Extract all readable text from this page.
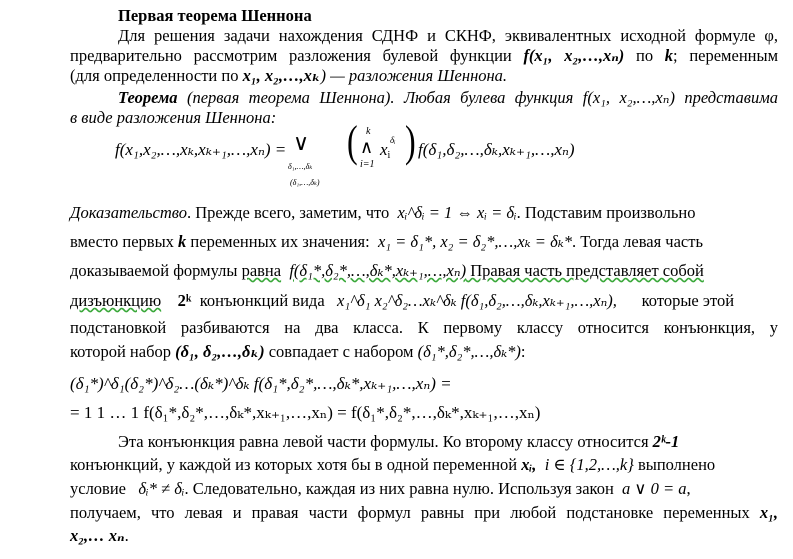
Первая теорема Шеннона
Для решения задачи нахождения СДНФ и СКНФ, эквивалентных исходной формуле φ,
предварительно рассмотрим разложения булевой функции f(x₁, x₂,…,xₙ) по k; переменным
(для определенности по x₁, x₂,…,xₖ) — разложения Шеннона.
Теорема (первая теорема Шеннона). Любая булева функция f(x₁, x₂,…,xₙ) представима
в виде разложения Шеннона:
f(x₁,x₂,…,xₖ,xₖ₊₁,…,xₙ) = ∨
δ₁,…,δₖ
(δ₁,…,δₖ)
( k
∧
i=1
$x_i$
δᵢ ) f(δ₁,δ₂,…,δₖ,xₖ₊₁,…,xₙ)
Доказательство. Прежде всего, заметим, что xᵢ^δᵢ = 1 ⇔ xᵢ = δᵢ. Подставим произвольно
вместо первых k переменных их значения: x₁ = δ₁*, x₂ = δ₂*,…,xₖ = δₖ*. Тогда левая часть
доказываемой формулы равна f(δ₁*,δ₂*,…,δₖ*,xₖ₊₁,…,xₙ) Правая часть представляет собой
дизъюнкцию 2ᵏ конъюнкций вида x₁^δ₁ x₂^δ₂…xₖ^δₖ f(δ₁,δ₂,…,δₖ,xₖ₊₁,…,xₙ), которые этой
подстановкой разбиваются на два класса. К первому классу относится конъюнкция, у
которой набор (δ₁, δ₂,…,δₖ) совпадает с набором (δ₁*,δ₂*,…,δₖ*):
(δ₁*)^δ₁(δ₂*)^δ₂…(δₖ*)^δₖ f(δ₁*,δ₂*,…,δₖ*,xₖ₊₁,…,xₙ) =
= 1 1 … 1 f(δ₁*,δ₂*,…,δₖ*,xₖ₊₁,…,xₙ) = f(δ₁*,δ₂*,…,δₖ*,xₖ₊₁,…,xₙ)
Эта конъюнкция равна левой части формулы. Ко второму классу относится 2ᵏ-1
конъюнкций, у каждой из которых хотя бы в одной переменной xᵢ, i ∈ {1,2,…,k} выполнено
условие δᵢ* ≠ δᵢ. Следовательно, каждая из них равна нулю. Используя закон a ∨ 0 = a,
получаем, что левая и правая части формул равны при любой подстановке переменных x₁,
x₂,… xₙ.
